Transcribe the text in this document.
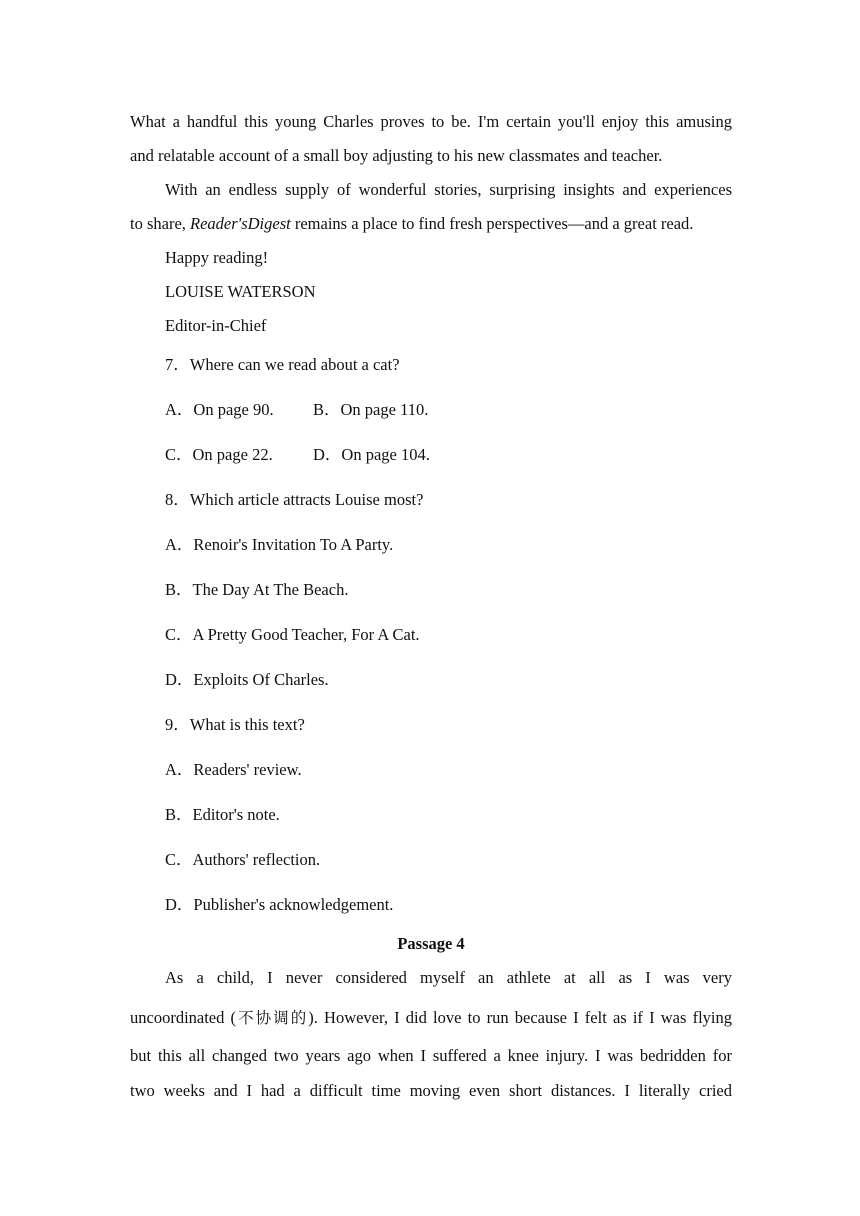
What a handful this young Charles proves to be. I'm certain you'll enjoy this amusing

and relatable account of a small boy adjusting to his new classmates and teacher.

With an endless supply of wonderful stories, surprising insights and experiences

to share, Reader'sDigest remains a place to find fresh perspectives—and a great read.

Happy reading!

LOUISE WATERSON

Editor-in-Chief

7．Where can we read about a cat?

A．On page 90. B．On page 110.

C．On page 22. D．On page 104.

8．Which article attracts Louise most?

A．Renoir's Invitation To A Party.

B．The Day At The Beach.

C．A Pretty Good Teacher, For A Cat.

D．Exploits Of Charles.

9．What is this text?

A．Readers' review.

B．Editor's note.

C．Authors' reflection.

D．Publisher's acknowledgement.

Passage 4

As a child, I never considered myself an athlete at all as I was very

uncoordinated (不协调的). However, I did love to run because I felt as if I was flying

but this all changed two years ago when I suffered a knee injury. I was bedridden for

two weeks and I had a difficult time moving even short distances. I literally cried
